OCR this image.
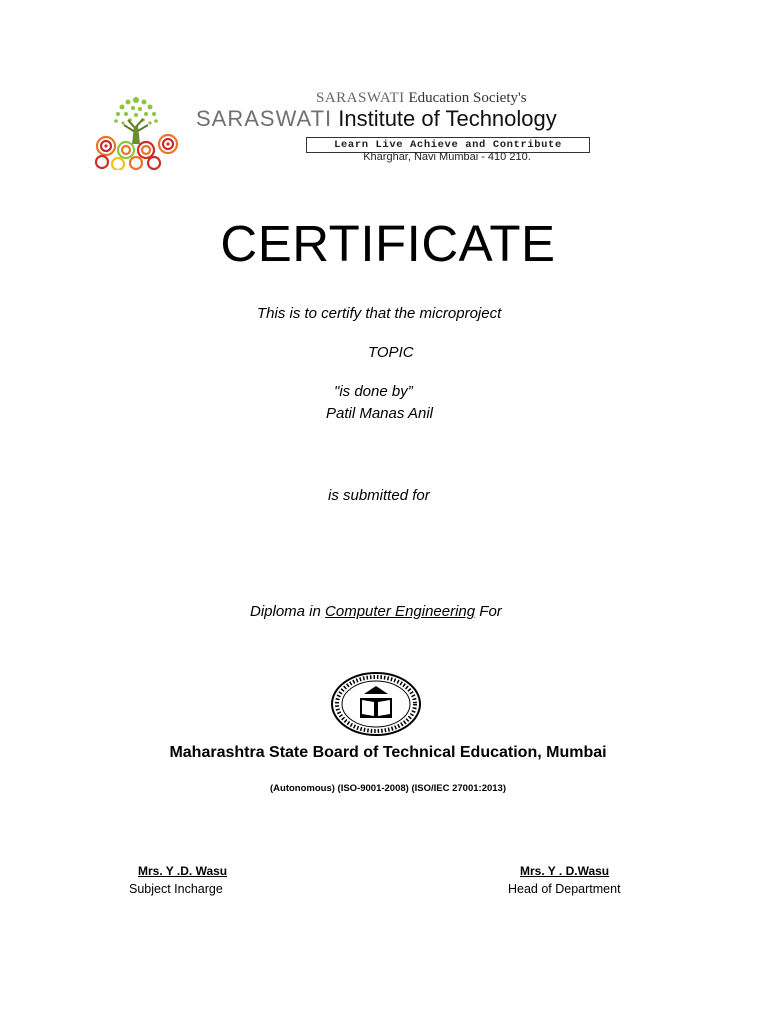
SARASWATI Education Society's
SARASWATI Institute of Technology
Learn Live Achieve and Contribute
Kharghar, Navi Mumbai - 410 210.
CERTIFICATE
This is to certify that the microproject
TOPIC
"is done by”
Patil Manas Anil
is submitted for
Diploma in Computer Engineering For
Maharashtra State Board of Technical Education, Mumbai
(Autonomous) (ISO-9001-2008) (ISO/IEC 27001:2013)
Mrs. Y .D. Wasu
Subject Incharge
Mrs. Y . D.Wasu
Head of Department
